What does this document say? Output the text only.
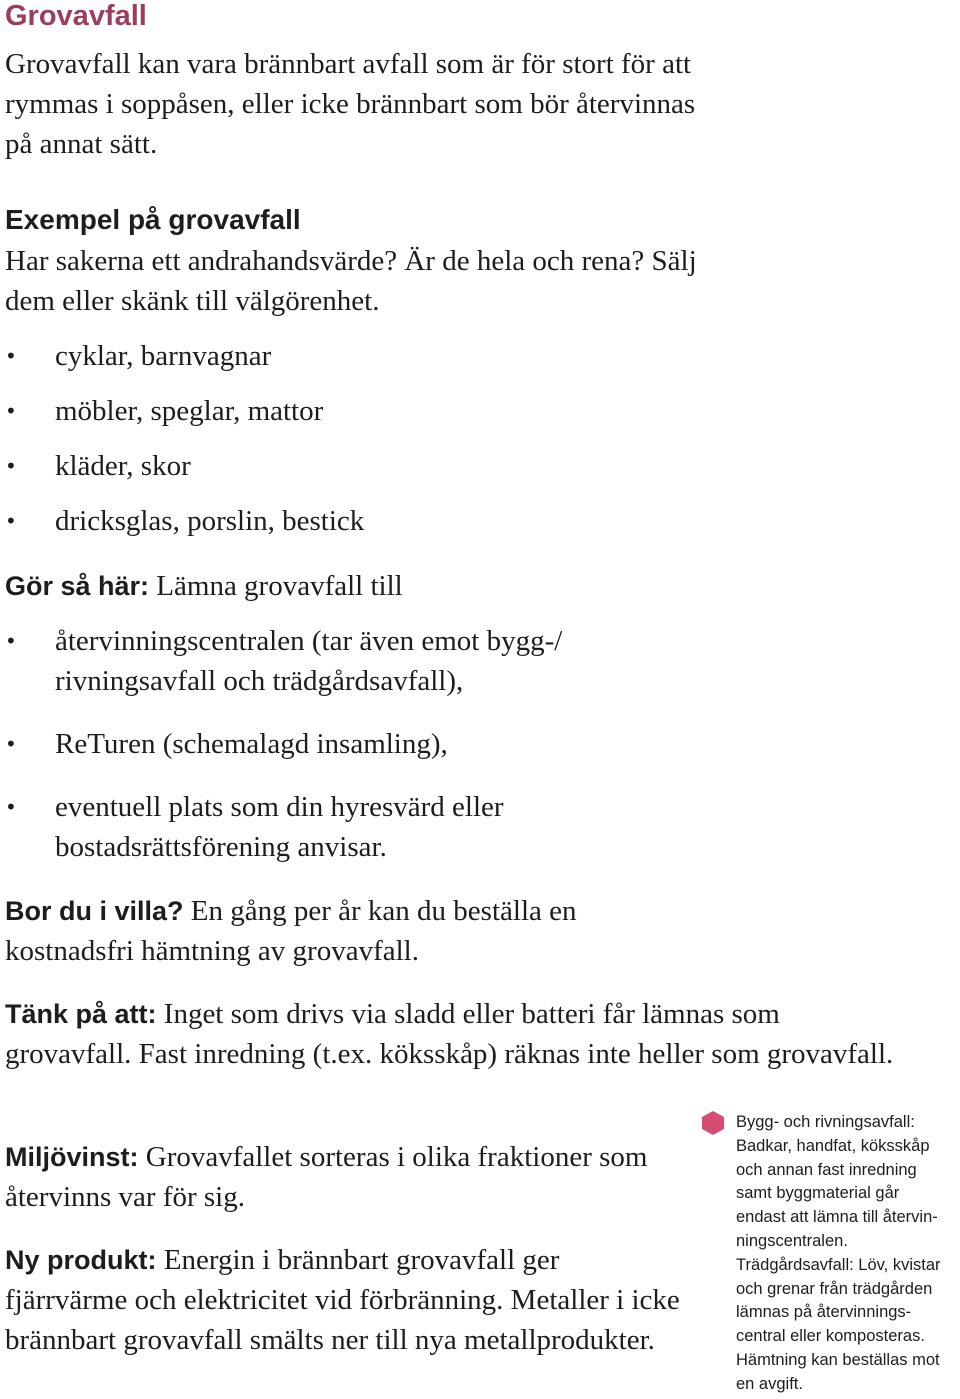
Grovavfall
Grovavfall kan vara brännbart avfall som är för stort för att rymmas i soppåsen, eller icke brännbart som bör återvinnas på annat sätt.
Exempel på grovavfall
Har sakerna ett andrahandsvärde? Är de hela och rena? Sälj dem eller skänk till välgörenhet.
• cyklar, barnvagnar
• möbler, speglar, mattor
• kläder, skor
• dricksglas, porslin, bestick
Gör så här: Lämna grovavfall till
• återvinningscentralen (tar även emot bygg-/ rivningsavfall och trädgårdsavfall),
• ReTuren (schemalagd insamling),
• eventuell plats som din hyresvärd eller bostadsrättsförening anvisar.
Bor du i villa? En gång per år kan du beställa en kostnadsfri hämtning av grovavfall.
Tänk på att: Inget som drivs via sladd eller batteri får lämnas som grovavfall. Fast inredning (t.ex. köksskåp) räknas inte heller som grovavfall.
Miljövinst: Grovavfallet sorteras i olika fraktioner som återvinns var för sig.
Ny produkt: Energin i brännbart grovavfall ger fjärrvärme och elektricitet vid förbränning. Metaller i icke brännbart grovavfall smälts ner till nya metallprodukter.
Bygg- och rivningsavfall:
Badkar, handfat, köksskåp
och annan fast inredning
samt byggmaterial går
endast att lämna till återvin-
ningscentralen.
Trädgårdsavfall: Löv, kvistar
och grenar från trädgården
lämnas på återvinnings-
central eller komposteras.
Hämtning kan beställas mot
en avgift.
